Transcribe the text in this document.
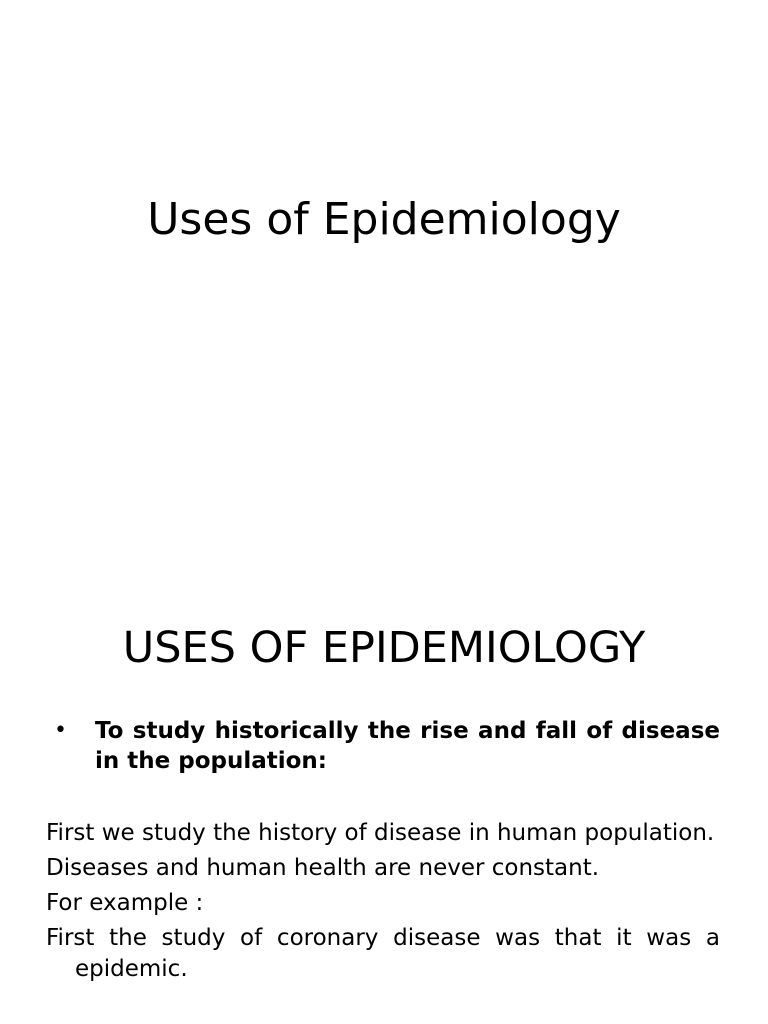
Uses of Epidemiology
USES OF EPIDEMIOLOGY
• To study historically the rise and fall of disease in the population:

First we study the history of disease in human population.

Diseases and human health are never constant.

For example :

First the study of coronary disease was that it was a epidemic.
